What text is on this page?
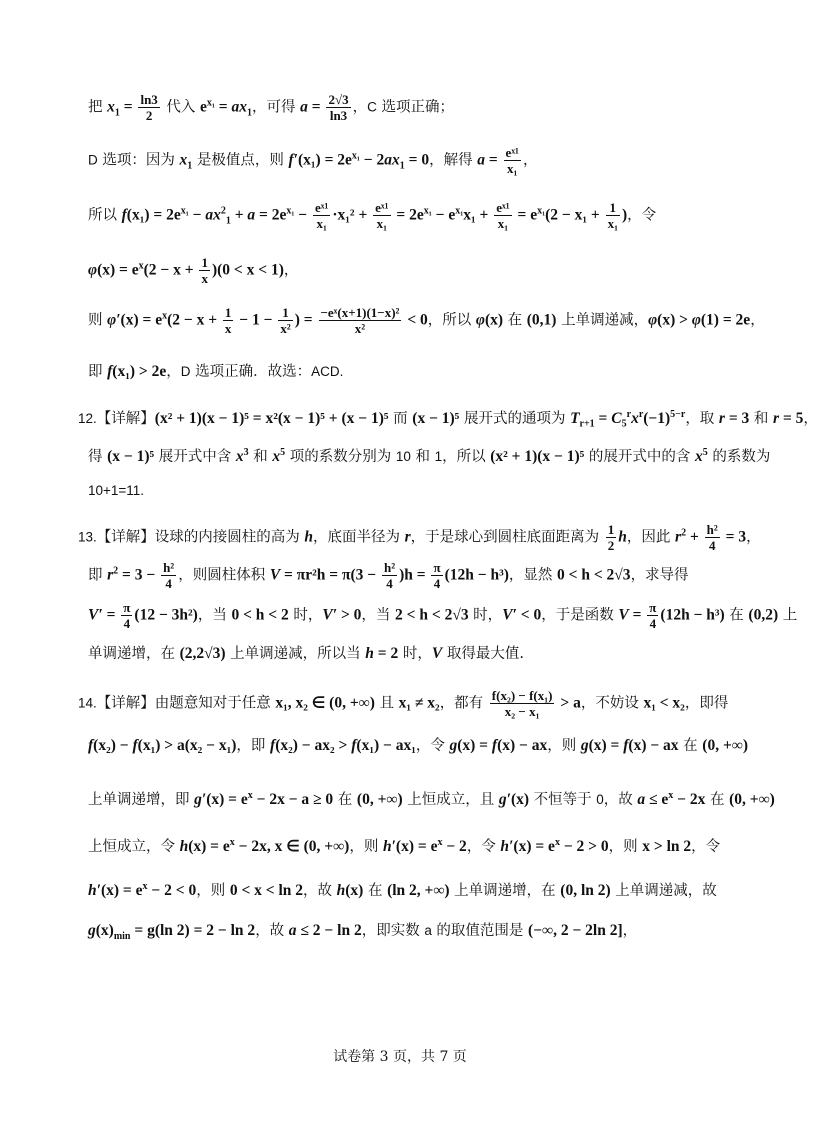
把 $x_1 = \frac{\ln 3}{2}$ 代入 $e^{x_1} = ax_1$，可得 $a = \frac{2√3}{\ln 3}$ ，C 选项正确；
D 选项：因为 $x_1$ 是极值点，则 $f'(x_1) = 2e^{x_1} - 2ax_1 = 0$，解得 $a = \frac{\text{eˣ¹}}{\text{x₁}}$ ，
所以 $f(x_1) = 2e^{x_1} - ax^2_1 + a = 2e^{x_1} - \frac{\text{eˣ¹}}{\text{x₁}} \cdot x_1^2 + \frac{\text{eˣ¹}}{\text{x₁}} = 2e^{x_1} - e^{x_1}x_1 + \frac{\text{eˣ¹}}{\text{x₁}} = e^{x_1}(2 - x_1 + \frac{1}{\text{x₁}}$ )，令
$\varphi(x) = e^x(2 - x + \frac{1}{x} )(0 < x < 1)$，
则 $\varphi'(x) = e^x(2 - x + \frac{1}{x} - 1 - \frac{1}{\text{x²}}$ ) = $\frac{\text{−eˣ(x+1)(1−x)²}}{\text{x²}} < 0$，所以 φ(x) 在 (0,1) 上单调递减，φ(x) > φ(1) = 2e，
即 f(x₁) > 2e，D 选项正确．故选：ACD.
12.【详解】(x² + 1)(x − 1)⁵ = x²(x − 1)⁵ + (x − 1)⁵ 而 (x − 1)⁵ 展开式的通项为 $T_{r+1} = C_5^rx^r(-1)^{5-r}$，取 r = 3 和 r = 5，
得 (x − 1)⁵ 展开式中含 $x^3$ 和 $x^5$ 项的系数分别为 10 和 1，所以 (x² + 1)(x − 1)⁵ 的展开式中的含 $x^5$ 的系数为
10+1=11.
13.【详解】设球的内接圆柱的高为 h，底面半径为 r，于是球心到圆柱底面距离为 $\frac{1}{2}$ h，因此 $r^2 + \frac{\text{h²}}{4} = 3$，
即 $r^2 = 3 - \frac{\text{h²}}{4}$ ，则圆柱体积 $V = \pi r^2h = \pi(3 - \frac{\text{h²}}{4} )h = \frac{\pi}{4} (12h - h^3)$，显然 0 < h < 2√3，求导得
$V' = \frac{\pi}{4} (12 - 3h^2)$，当 0 < h < 2 时，V′ > 0，当 2 < h < 2√3 时，V′ < 0，于是函数 $V = \frac{\pi}{4} (12h - h^3)$ 在 (0,2) 上
单调递增，在 (2,2√3) 上单调递减，所以当 h = 2 时，V 取得最大值.
14.【详解】由题意知对于任意 x₁, x₂ ∈ (0, +∞) 且 x₁ ≠ x₂，都有 $\frac{\text{f(x₂) − f(x₁)}}{\text{x₂ − x₁}} > a$，不妨设 x₁ < x₂，即得
f(x₂) − f(x₁) > a(x₂ − x₁)，即 f(x₂) − ax₂ > f(x₁) − ax₁，令 g(x) = f(x) − ax，则 g(x) = f(x) − ax 在 (0, +∞)
上单调递增，即 $g'(x) = e^x - 2x - a \ge 0$ 在 (0, +∞) 上恒成立，且 g′(x) 不恒等于 0，故 $a \le e^x - 2x$ 在 (0, +∞)
上恒成立，令 $h(x) = e^x - 2x$, x ∈ (0, +∞)，则 $h'(x) = e^x - 2$，令 $h'(x) = e^x - 2 > 0$，则 x > ln 2，令
$h'(x) = e^x - 2 < 0$，则 0 < x < ln 2，故 h(x) 在 (ln 2, +∞) 上单调递增，在 (0, ln 2) 上单调递减，故
$g(x)_{min} = g(\ln$ 2) = 2 − ln 2，故 a ≤ 2 − ln 2，即实数 a 的取值范围是 (−∞, 2 − 2ln 2]，
试卷第 3 页，共 7 页
